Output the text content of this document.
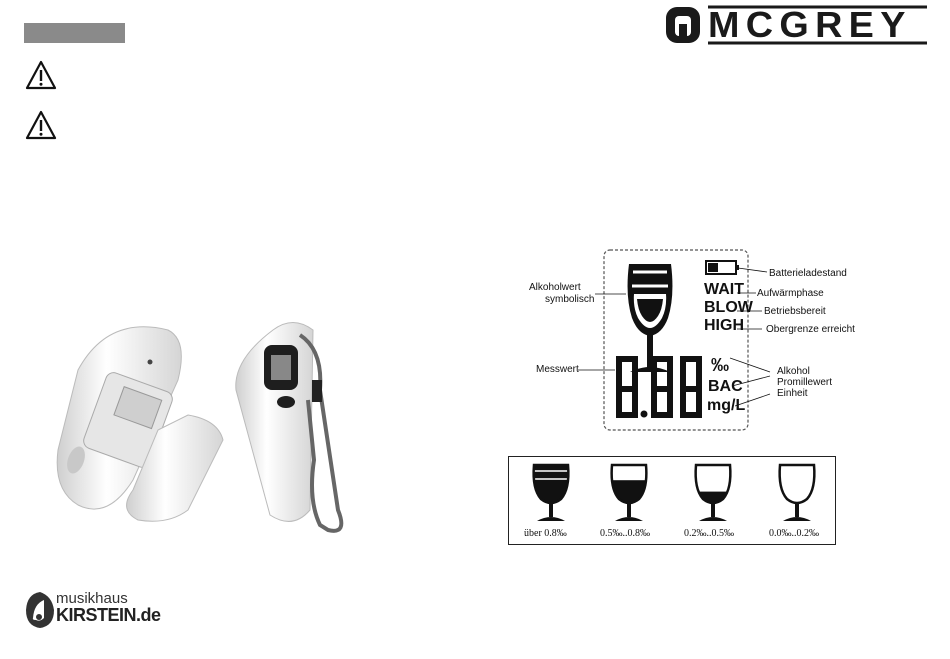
MCGREY
WAIT
BLOW
HIGH
‰
BAC
mg/L
Alkoholwert
symbolisch
Messwert
Batterieladestand
Aufwärmphase
Betriebsbereit
Obergrenze erreicht
Alkohol
Promillewert
Einheit
über 0.8‰	0.5‰..0.8‰	0.2‰..0.5‰	0.0‰..0.2‰
musikhaus
KIRSTEIN.de
